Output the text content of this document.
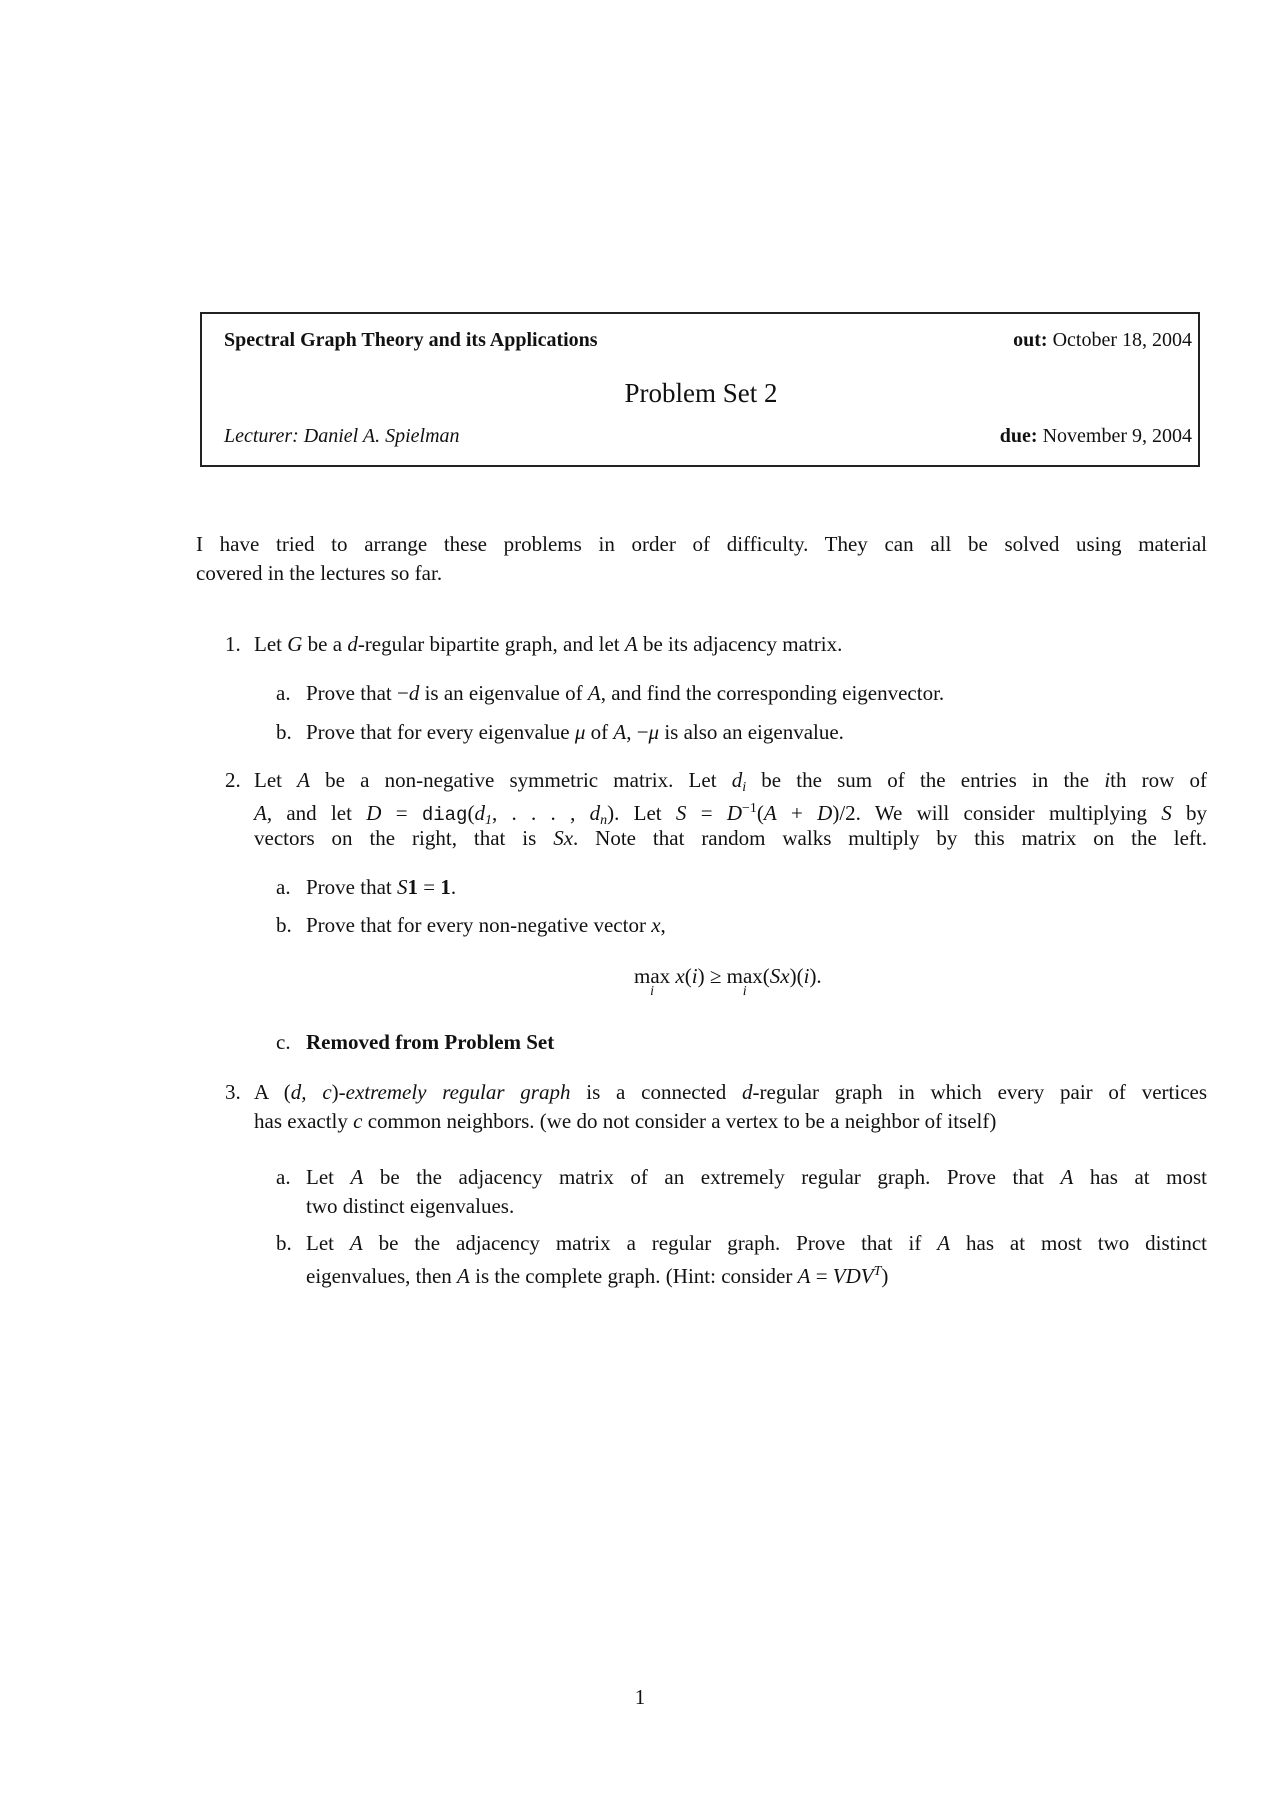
Spectral Graph Theory and its Applications	out: October 18, 2004
Problem Set 2
Lecturer: Daniel A. Spielman	due: November 9, 2004
I have tried to arrange these problems in order of difficulty. They can all be solved using material
covered in the lectures so far.
1. Let G be a d-regular bipartite graph, and let A be its adjacency matrix.
a. Prove that −d is an eigenvalue of A, and find the corresponding eigenvector.
b. Prove that for every eigenvalue μ of A, −μ is also an eigenvalue.
2. Let A be a non-negative symmetric matrix. Let $d_i$ be the sum of the entries in the ith row of
A, and let $D = diag(d_1$, . . . , $d_n$). Let $S = D^{-1}(A + D)/2$. We will consider multiplying S by
vectors on the right, that is Sx. Note that random walks multiply by this matrix on the left.
a. Prove that S1 = 1.
b. Prove that for every non-negative vector x,
max
i
x(i) ≥ max
i
(Sx)(i).
c. Removed from Problem Set
3. A (d, c)-extremely regular graph is a connected d-regular graph in which every pair of vertices
has exactly c common neighbors. (we do not consider a vertex to be a neighbor of itself)
a. Let A be the adjacency matrix of an extremely regular graph. Prove that A has at most
two distinct eigenvalues.
b. Let A be the adjacency matrix a regular graph. Prove that if A has at most two distinct
eigenvalues, then A is the complete graph. (Hint: consider $A = VDV^T$)
1
